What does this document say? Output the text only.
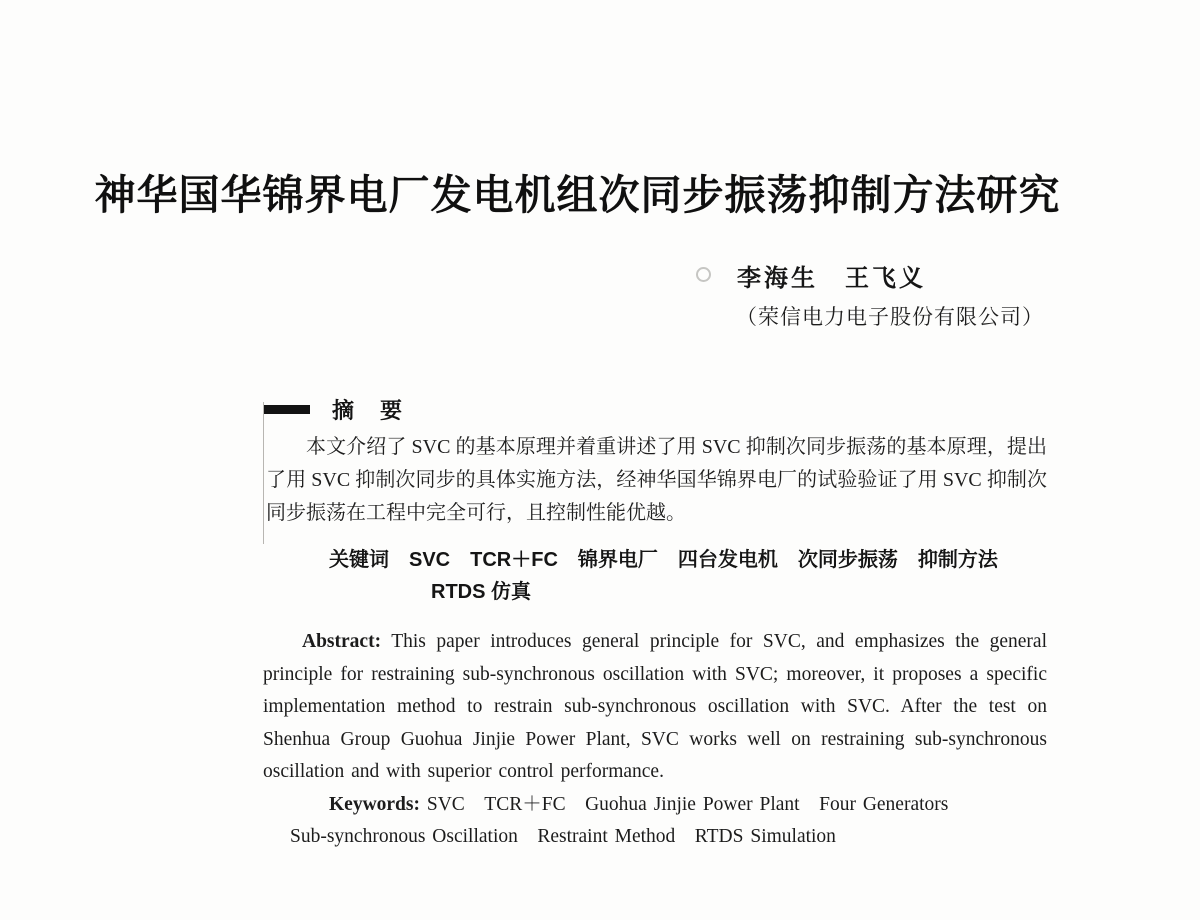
神华国华锦界电厂发电机组次同步振荡抑制方法研究
李海生　王飞义
（荣信电力电子股份有限公司）
摘　要

本文介绍了 SVC 的基本原理并着重讲述了用 SVC 抑制次同步振荡的基本原理，提出了用 SVC 抑制次同步的具体实施方法，经神华国华锦界电厂的试验验证了用 SVC 抑制次同步振荡在工程中完全可行，且控制性能优越。

关键词　SVC　TCR＋FC　锦界电厂　四台发电机　次同步振荡　抑制方法
RTDS 仿真

Abstract: This paper introduces general principle for SVC, and emphasizes the general principle for restraining sub-synchronous oscillation with SVC; moreover, it proposes a specific implementation method to restrain sub-synchronous oscillation with SVC. After the test on Shenhua Group Guohua Jinjie Power Plant, SVC works well on restraining sub-synchronous oscillation and with superior control performance.

Keywords: SVC　TCR＋FC　Guohua Jinjie Power Plant　Four Generators
Sub-synchronous Oscillation　Restraint Method　RTDS Simulation
